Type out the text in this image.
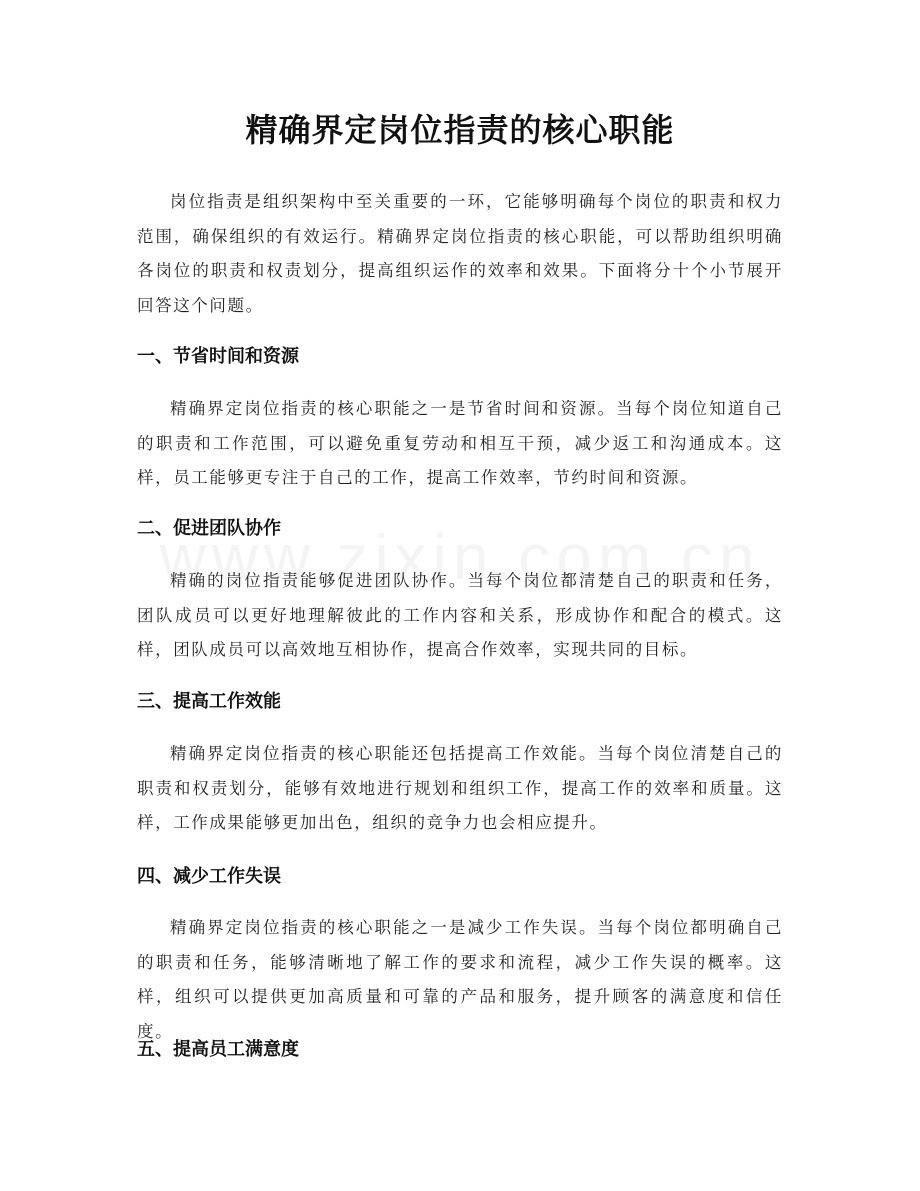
精确界定岗位指责的核心职能

岗位指责是组织架构中至关重要的一环，它能够明确每个岗位的职责和权力范围，确保组织的有效运行。精确界定岗位指责的核心职能，可以帮助组织明确各岗位的职责和权责划分，提高组织运作的效率和效果。下面将分十个小节展开回答这个问题。

一、节省时间和资源

精确界定岗位指责的核心职能之一是节省时间和资源。当每个岗位知道自己的职责和工作范围，可以避免重复劳动和相互干预，减少返工和沟通成本。这样，员工能够更专注于自己的工作，提高工作效率，节约时间和资源。

二、促进团队协作

精确的岗位指责能够促进团队协作。当每个岗位都清楚自己的职责和任务，团队成员可以更好地理解彼此的工作内容和关系，形成协作和配合的模式。这样，团队成员可以高效地互相协作，提高合作效率，实现共同的目标。

三、提高工作效能

精确界定岗位指责的核心职能还包括提高工作效能。当每个岗位清楚自己的职责和权责划分，能够有效地进行规划和组织工作，提高工作的效率和质量。这样，工作成果能够更加出色，组织的竞争力也会相应提升。

四、减少工作失误

精确界定岗位指责的核心职能之一是减少工作失误。当每个岗位都明确自己的职责和任务，能够清晰地了解工作的要求和流程，减少工作失误的概率。这样，组织可以提供更加高质量和可靠的产品和服务，提升顾客的满意度和信任度。

五、提高员工满意度
